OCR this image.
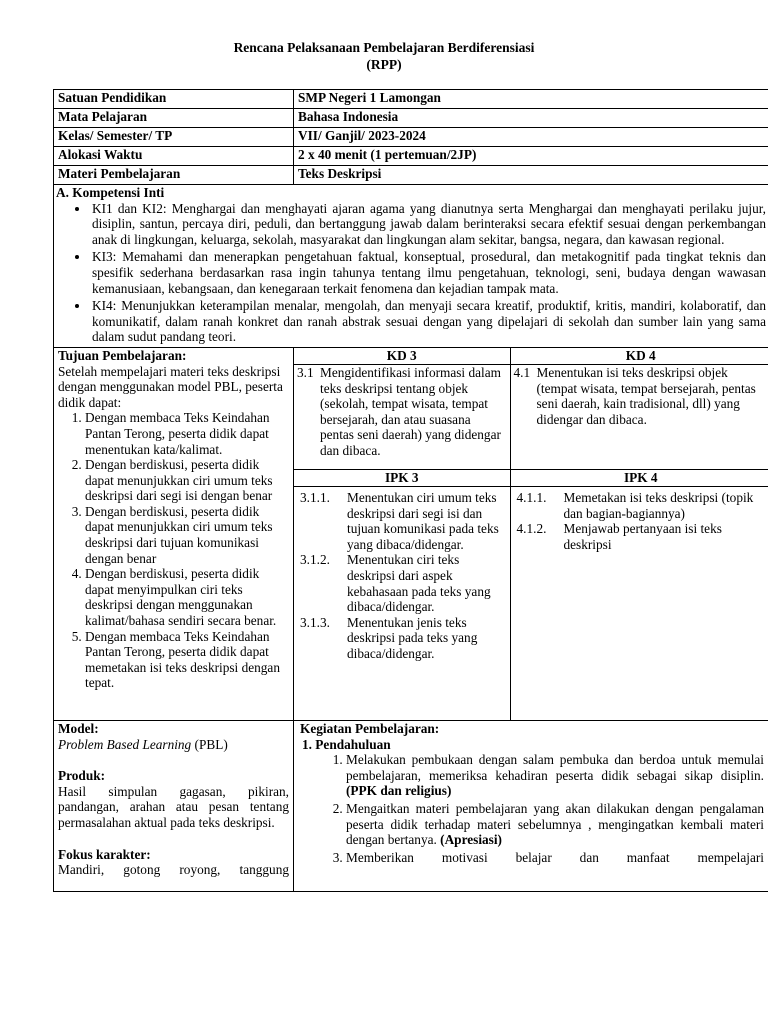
Rencana Pelaksanaan Pembelajaran Berdiferensiasi
(RPP)
Satuan Pendidikan	SMP Negeri 1 Lamongan
Mata Pelajaran	Bahasa Indonesia
Kelas/ Semester/ TP	VII/ Ganjil/ 2023-2024
Alokasi Waktu	2 x 40 menit (1 pertemuan/2JP)
Materi Pembelajaran	Teks Deskripsi

A. Kompetensi Inti
• KI1 dan KI2: Menghargai dan menghayati ajaran agama yang dianutnya serta Menghargai dan menghayati perilaku jujur, disiplin, santun, percaya diri, peduli, dan bertanggung jawab dalam berinteraksi secara efektif sesuai dengan perkembangan anak di lingkungan, keluarga, sekolah, masyarakat dan lingkungan alam sekitar, bangsa, negara, dan kawasan regional.
• KI3: Memahami dan menerapkan pengetahuan faktual, konseptual, prosedural, dan metakognitif pada tingkat teknis dan spesifik sederhana berdasarkan rasa ingin tahunya tentang ilmu pengetahuan, teknologi, seni, budaya dengan wawasan kemanusiaan, kebangsaan, dan kenegaraan terkait fenomena dan kejadian tampak mata.
• KI4: Menunjukkan keterampilan menalar, mengolah, dan menyaji secara kreatif, produktif, kritis, mandiri, kolaboratif, dan komunikatif, dalam ranah konkret dan ranah abstrak sesuai dengan yang dipelajari di sekolah dan sumber lain yang sama dalam sudut pandang teori.

Tujuan Pembelajaran:
Setelah mempelajari materi teks deskripsi dengan menggunakan model PBL, peserta didik dapat:
1. Dengan membaca Teks Keindahan Pantan Terong, peserta didik dapat menentukan kata/kalimat.
2. Dengan berdiskusi, peserta didik dapat menunjukkan ciri umum teks deskripsi dari segi isi dengan benar
3. Dengan berdiskusi, peserta didik dapat menunjukkan ciri umum teks deskripsi dari tujuan komunikasi dengan benar
4. Dengan berdiskusi, peserta didik dapat menyimpulkan ciri teks deskripsi dengan menggunakan kalimat/bahasa sendiri secara benar.
5. Dengan membaca Teks Keindahan Pantan Terong, peserta didik dapat memetakan isi teks deskripsi dengan tepat.

KD 3	KD 4

3.1 Mengidentifikasi informasi dalam teks deskripsi tentang objek (sekolah, tempat wisata, tempat bersejarah, dan atau suasana pentas seni daerah) yang didengar dan dibaca.

4.1 Menentukan isi teks deskripsi objek (tempat wisata, tempat bersejarah, pentas seni daerah, kain tradisional, dll) yang didengar dan dibaca.

IPK 3	IPK 4

3.1.1.	Menentukan ciri umum teks deskripsi dari segi isi dan tujuan komunikasi pada teks yang dibaca/didengar.
3.1.2.	Menentukan ciri teks deskripsi dari aspek kebahasaan pada teks yang dibaca/didengar.
3.1.3.	Menentukan jenis teks deskripsi pada teks yang dibaca/didengar.

4.1.1.	Memetakan isi teks deskripsi (topik dan bagian-bagiannya)
4.1.2.	Menjawab pertanyaan isi teks deskripsi

Model:
Problem Based Learning (PBL)
Produk:
Hasil simpulan gagasan, pikiran, pandangan, arahan atau pesan tentang permasalahan aktual pada teks deskripsi.
Fokus karakter:
Mandiri, gotong royong, tanggung

Kegiatan Pembelajaran:
1. Pendahuluan
1. Melakukan pembukaan dengan salam pembuka dan berdoa untuk memulai pembelajaran, memeriksa kehadiran peserta didik sebagai sikap disiplin. (PPK dan religius)
2. Mengaitkan materi pembelajaran yang akan dilakukan dengan pengalaman peserta didik terhadap materi sebelumnya , mengingatkan kembali materi dengan bertanya. (Apresiasi)
3. Memberikan motivasi belajar dan manfaat mempelajari
